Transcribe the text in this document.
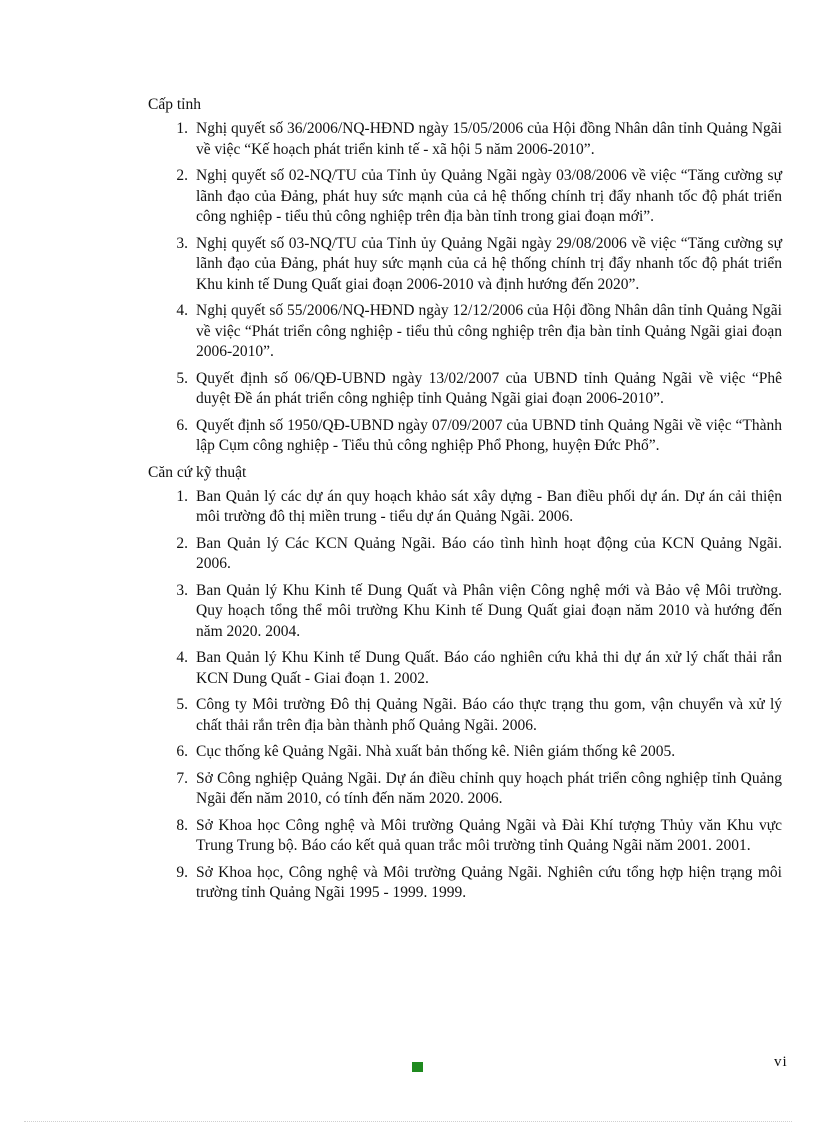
Cấp tỉnh
1. Nghị quyết số 36/2006/NQ-HĐND ngày 15/05/2006 của Hội đồng Nhân dân tỉnh Quảng Ngãi về việc “Kế hoạch phát triển kinh tế - xã hội 5 năm 2006-2010”.
2. Nghị quyết số 02-NQ/TU của Tỉnh ủy Quảng Ngãi ngày 03/08/2006 về việc “Tăng cường sự lãnh đạo của Đảng, phát huy sức mạnh của cả hệ thống chính trị đẩy nhanh tốc độ phát triển công nghiệp - tiểu thủ công nghiệp trên địa bàn tỉnh trong giai đoạn mới”.
3. Nghị quyết số 03-NQ/TU của Tỉnh ủy Quảng Ngãi ngày 29/08/2006 về việc “Tăng cường sự lãnh đạo của Đảng, phát huy sức mạnh của cả hệ thống chính trị đẩy nhanh tốc độ phát triển Khu kinh tế Dung Quất giai đoạn 2006-2010 và định hướng đến 2020”.
4. Nghị quyết số 55/2006/NQ-HĐND ngày 12/12/2006 của Hội đồng Nhân dân tỉnh Quảng Ngãi về việc “Phát triển công nghiệp - tiểu thủ công nghiệp trên địa bàn tỉnh Quảng Ngãi giai đoạn 2006-2010”.
5. Quyết định số 06/QĐ-UBND ngày 13/02/2007 của UBND tỉnh Quảng Ngãi về việc “Phê duyệt Đề án phát triển công nghiệp tỉnh Quảng Ngãi giai đoạn 2006-2010”.
6. Quyết định số 1950/QĐ-UBND ngày 07/09/2007 của UBND tỉnh Quảng Ngãi về việc “Thành lập Cụm công nghiệp - Tiểu thủ công nghiệp Phổ Phong, huyện Đức Phổ”.
Căn cứ kỹ thuật
1. Ban Quản lý các dự án quy hoạch khảo sát xây dựng - Ban điều phối dự án. Dự án cải thiện môi trường đô thị miền trung - tiểu dự án Quảng Ngãi. 2006.
2. Ban Quản lý Các KCN Quảng Ngãi. Báo cáo tình hình hoạt động của KCN Quảng Ngãi. 2006.
3. Ban Quản lý Khu Kinh tế Dung Quất và Phân viện Công nghệ mới và Bảo vệ Môi trường. Quy hoạch tổng thể môi trường Khu Kinh tế Dung Quất giai đoạn năm 2010 và hướng đến năm 2020. 2004.
4. Ban Quản lý Khu Kinh tế Dung Quất. Báo cáo nghiên cứu khả thi dự án xử lý chất thải rắn KCN Dung Quất - Giai đoạn 1. 2002.
5. Công ty Môi trường Đô thị Quảng Ngãi. Báo cáo thực trạng thu gom, vận chuyển và xử lý chất thải rắn trên địa bàn thành phố Quảng Ngãi. 2006.
6. Cục thống kê Quảng Ngãi. Nhà xuất bản thống kê. Niên giám thống kê 2005.
7. Sở Công nghiệp Quảng Ngãi. Dự án điều chỉnh quy hoạch phát triển công nghiệp tỉnh Quảng Ngãi đến năm 2010, có tính đến năm 2020. 2006.
8. Sở Khoa học Công nghệ và Môi trường Quảng Ngãi và Đài Khí tượng Thủy văn Khu vực Trung Trung bộ. Báo cáo kết quả quan trắc môi trường tỉnh Quảng Ngãi năm 2001. 2001.
9. Sở Khoa học, Công nghệ và Môi trường Quảng Ngãi. Nghiên cứu tổng hợp hiện trạng môi trường tỉnh Quảng Ngãi 1995 - 1999. 1999.
vi
